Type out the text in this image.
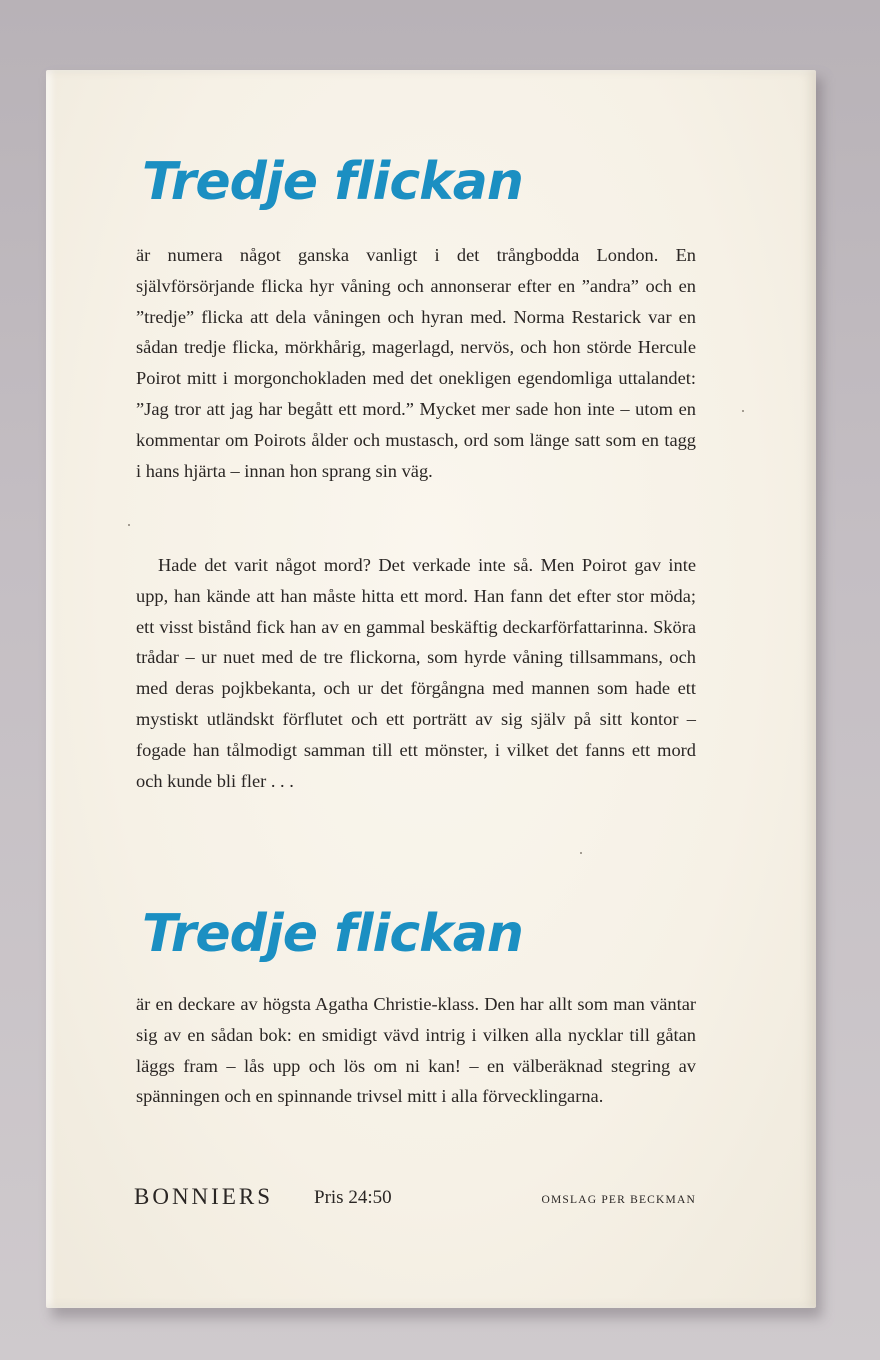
Tredje flickan

är numera något ganska vanligt i det trångbodda London. En självförsörjande flicka hyr våning och annonserar efter en ”andra” och en ”tredje” flicka att dela våningen och hyran med. Norma Restarick var en sådan tredje flicka, mörkhårig, magerlagd, nervös, och hon störde Hercule Poirot mitt i morgonchokladen med det onekligen egendomliga uttalandet: ”Jag tror att jag har begått ett mord.” Mycket mer sade hon inte – utom en kommentar om Poirots ålder och mustasch, ord som länge satt som en tagg i hans hjärta – innan hon sprang sin väg.

Hade det varit något mord? Det verkade inte så. Men Poirot gav inte upp, han kände att han måste hitta ett mord. Han fann det efter stor möda; ett visst bistånd fick han av en gammal beskäftig deckarförfattarinna. Sköra trådar – ur nuet med de tre flickorna, som hyrde våning tillsammans, och med deras pojkbekanta, och ur det förgångna med mannen som hade ett mystiskt utländskt förflutet och ett porträtt av sig själv på sitt kontor – fogade han tålmodigt samman till ett mönster, i vilket det fanns ett mord och kunde bli fler . . .

Tredje flickan

är en deckare av högsta Agatha Christie-klass. Den har allt som man väntar sig av en sådan bok: en smidigt vävd intrig i vilken alla nycklar till gåtan läggs fram – lås upp och lös om ni kan! – en välberäknad stegring av spänningen och en spinnande trivsel mitt i alla förvecklingarna.

BONNIERS Pris 24:50	OMSLAG PER BECKMAN
